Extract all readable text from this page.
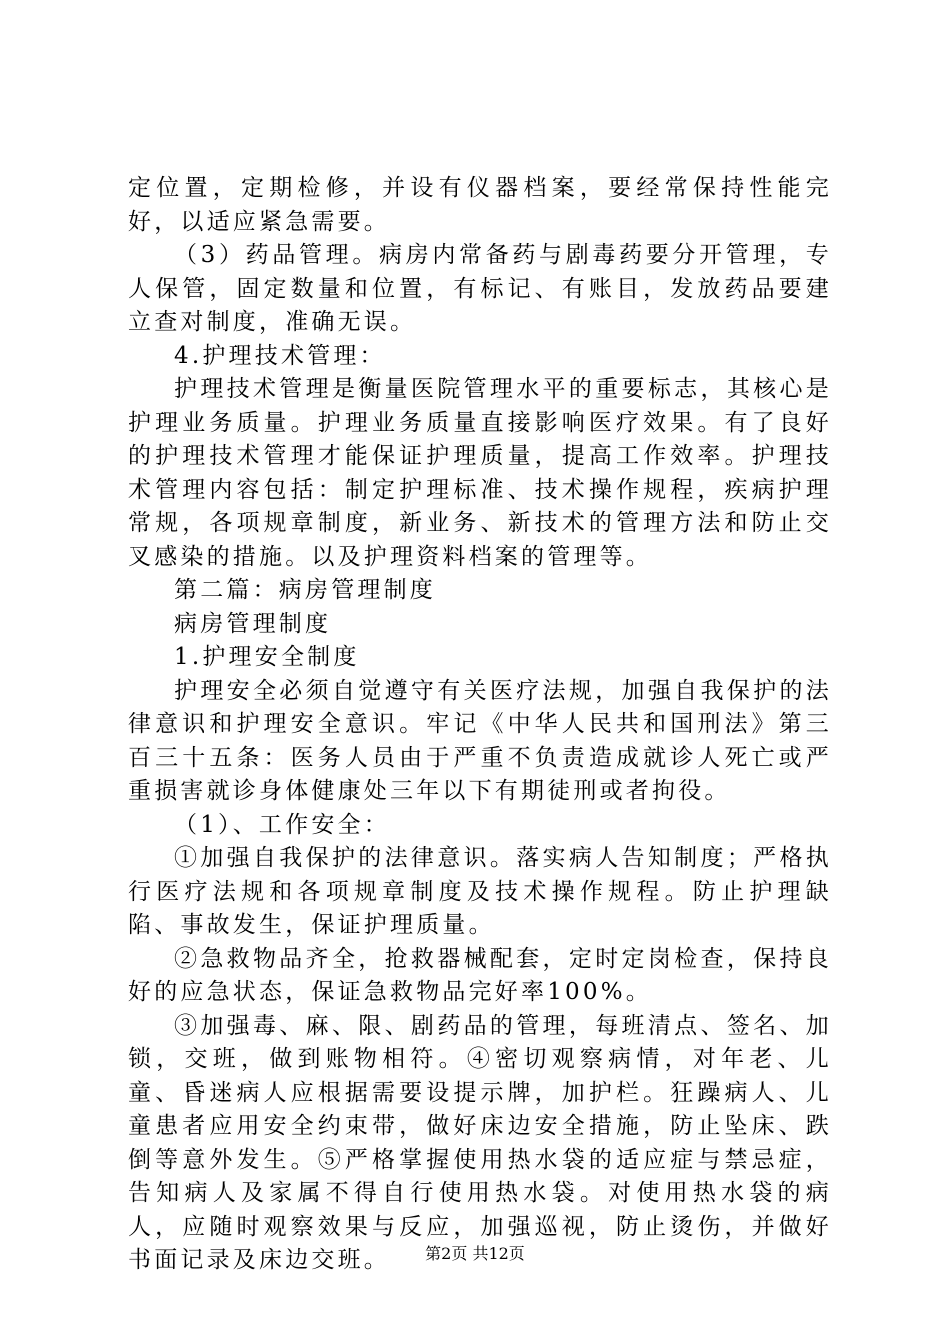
定位置，定期检修，并设有仪器档案，要经常保持性能完好，以适应紧急需要。

（3）药品管理。病房内常备药与剧毒药要分开管理，专人保管，固定数量和位置，有标记、有账目，发放药品要建立查对制度，准确无误。

4.护理技术管理：

护理技术管理是衡量医院管理水平的重要标志，其核心是护理业务质量。护理业务质量直接影响医疗效果。有了良好的护理技术管理才能保证护理质量，提高工作效率。护理技术管理内容包括：制定护理标准、技术操作规程，疾病护理常规，各项规章制度，新业务、新技术的管理方法和防止交叉感染的措施。以及护理资料档案的管理等。

第二篇：病房管理制度

病房管理制度

1.护理安全制度

护理安全必须自觉遵守有关医疗法规，加强自我保护的法律意识和护理安全意识。牢记《中华人民共和国刑法》第三百三十五条：医务人员由于严重不负责造成就诊人死亡或严重损害就诊身体健康处三年以下有期徒刑或者拘役。

（1）、工作安全：

①加强自我保护的法律意识。落实病人告知制度；严格执行医疗法规和各项规章制度及技术操作规程。防止护理缺陷、事故发生，保证护理质量。

②急救物品齐全，抢救器械配套，定时定岗检查，保持良好的应急状态，保证急救物品完好率100%。

③加强毒、麻、限、剧药品的管理，每班清点、签名、加锁，交班，做到账物相符。④密切观察病情，对年老、儿童、昏迷病人应根据需要设提示牌，加护栏。狂躁病人、儿童患者应用安全约束带，做好床边安全措施，防止坠床、跌倒等意外发生。⑤严格掌握使用热水袋的适应症与禁忌症，告知病人及家属不得自行使用热水袋。对使用热水袋的病人，应随时观察效果与反应，加强巡视，防止烫伤，并做好书面记录及床边交班。	第2页 共12页
